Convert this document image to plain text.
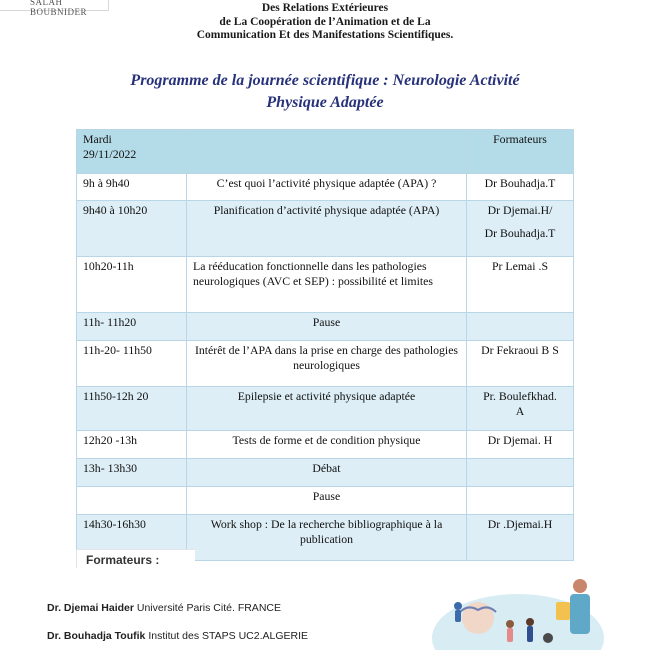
SALAH BOUBNIDER	Des Relations Extérieures
de La Coopération de l’Animation et de La
Communication Et des Manifestations Scientifiques.
Programme de la journée scientifique : Neurologie Activité
Physique Adaptée
Mardi
29/11/2022		Formateurs

9h à 9h40	C’est quoi l’activité physique adaptée (APA) ?	Dr Bouhadja.T
9h40 à 10h20	Planification d’activité physique adaptée (APA)	Dr Djemai.H/
Dr Bouhadja.T

10h20-11h	La rééducation fonctionnelle dans les pathologies neurologiques (AVC et SEP) : possibilité et limites	Pr Lemai .S
11h- 11h20	Pause	
11h-20- 11h50	Intérêt de l’APA dans la prise en charge des pathologies neurologiques	Dr Fekraoui B S
11h50-12h 20	Epilepsie et activité physique adaptée	Pr. Boulefkhad.
A

12h20 -13h	Tests de forme et de condition physique	Dr Djemai. H
13h- 13h30	Débat	
	Pause	
14h30-16h30	Work shop : De la recherche bibliographique à la publication	Dr .Djemai.H
Formateurs :
Dr. Djemai Haider Université Paris Cité. FRANCE
Dr. Bouhadja Toufik Institut des STAPS UC2.ALGERIE
